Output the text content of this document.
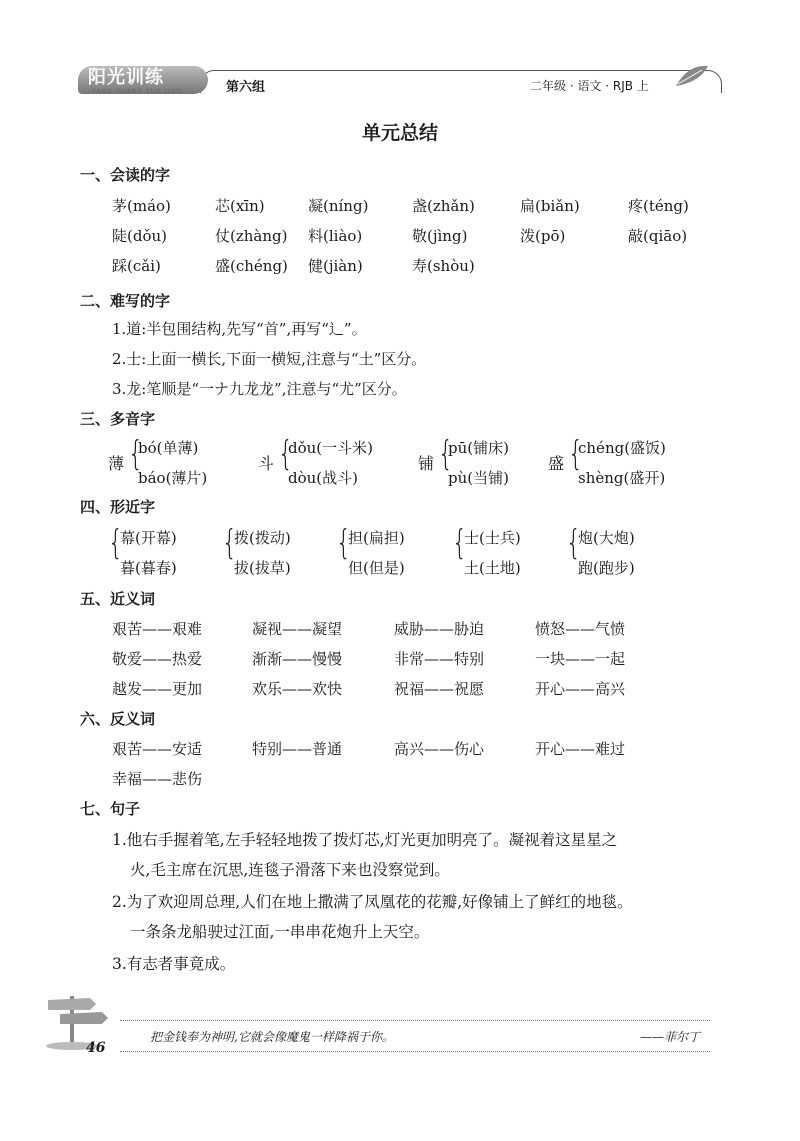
阳光训练
YANG GUANG XUN LIAN	第六组	二年级 · 语文 · RJB 上
单元总结
一、会读的字
茅(máo)	芯(xīn)	凝(níng)	盏(zhǎn)	扁(biǎn)	疼(téng)
陡(dǒu)	仗(zhàng) 料(liào)	敬(jìng)	泼(pō)	敲(qiāo)
踩(cǎi)	盛(chéng) 健(jiàn)	寿(shòu)
二、难写的字
1.道:半包围结构,先写“首”,再写“辶”。
2.士:上面一横长,下面一横短,注意与“土”区分。
3.龙:笔顺是“一ナ九龙龙”,注意与“尤”区分。
三、多音字
薄 {
bó(单薄)
báo(薄片)
斗 {
dǒu(一斗米)
dòu(战斗)
铺 {
pū(铺床)
pù(当铺)
盛 {
chéng(盛饭)
shèng(盛开)
四、形近字
{
幕(开幕)
暮(暮春)
{
拨(拨动)
拔(拔草)
{
担(扁担)
但(但是)
{
士(士兵)
土(土地)
{
炮(大炮)
跑(跑步)
五、近义词
艰苦——艰难	凝视——凝望	威胁——胁迫	愤怒——气愤
敬爱——热爱	渐渐——慢慢	非常——特别	一块——一起
越发——更加	欢乐——欢快	祝福——祝愿	开心——高兴
六、反义词
艰苦——安适	特别——普通	高兴——伤心	开心——难过
幸福——悲伤
七、句子
1.他右手握着笔,左手轻轻地拨了拨灯芯,灯光更加明亮了。凝视着这星星之
火,毛主席在沉思,连毯子滑落下来也没察觉到。
2.为了欢迎周总理,人们在地上撒满了凤凰花的花瓣,好像铺上了鲜红的地毯。
一条条龙船驶过江面,一串串花炮升上天空。
3.有志者事竟成。
把金钱奉为神明,它就会像魔鬼一样降祸于你。	——菲尔丁
46
